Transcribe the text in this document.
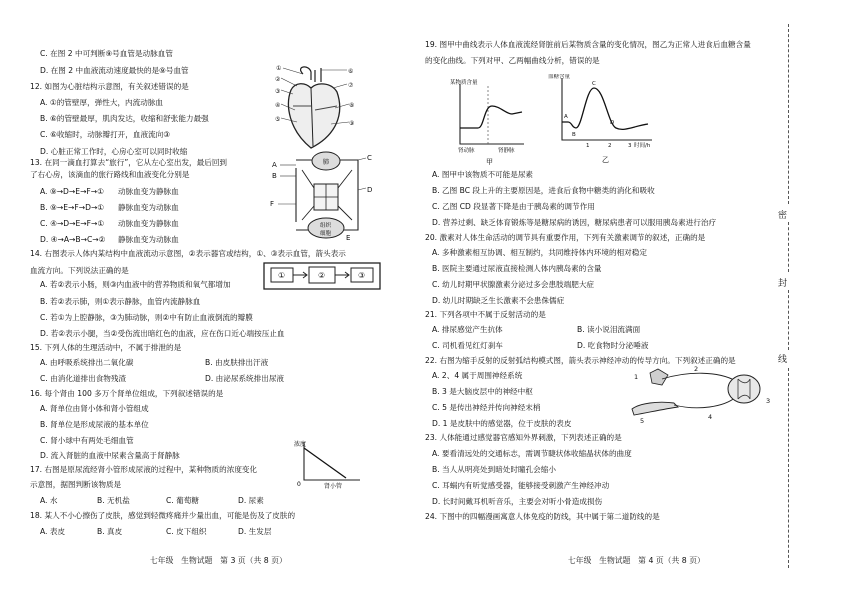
C. 在图 2 中可判断⑨号血管是动脉血管
D. 在图 2 中血液流动速度最快的是⑨号血管
12. 如图为心脏结构示意图，有关叙述错误的是
A. ①的管壁厚，弹性大，内流动脉血
B. ⑥的管壁最厚，肌肉发达，收缩和舒张能力最强
C. ⑥收缩时，动脉瓣打开，血液流向③
D. 心脏正常工作时，心房心室可以同时收缩
13. 在同一滴血打算去“旅行”，它从左心室出发，最后回到
了右心房，该滴血的旅行路线和血液变化分别是
A. ⑨→D→E→F→① 动脉血变为静脉血
B. ⑨→E→F→D→① 静脉血变为动脉血
C. ④→D→E→F→① 动脉血变为静脉血
D. ④→A→B→C→② 静脉血变为动脉血
14. 右图表示人体内某结构中血液流动示意图，②表示器官或结构，①、③表示血管，箭头表示
血流方向。下列说法正确的是
A. 若②表示小肠，则③内血液中的营养物质和氧气都增加
B. 若②表示肺，则①表示静脉，血管内流静脉血
C. 若①为上腔静脉，③为肺动脉，则②中有防止血液倒流的瓣膜
D. 若②表示小腿，当②受伤流出暗红色的血液，应在伤口近心端按压止血
15. 下列人体的生理活动中，不属于排泄的是
A. 由呼吸系统排出二氧化碳	B. 由皮肤排出汗液
C. 由消化道排出食物残渣	D. 由泌尿系统排出尿液
16. 每个肾由 100 多万个肾单位组成，下列叙述错误的是
A. 肾单位由肾小体和肾小管组成
B. 肾单位是形成尿液的基本单位
C. 肾小球中有两处毛细血管
D. 流入肾脏的血液中尿素含量高于肾静脉
17. 右图是原尿流经肾小管形成尿液的过程中，某种物质的浓度变化
示意图，据图判断该物质是
A. 水	B. 无机盐	C. 葡萄糖	D. 尿素
18. 某人不小心擦伤了皮肤，感觉到轻微疼痛并少量出血，可能是伤及了皮肤的
A. 表皮	B. 真皮	C. 皮下组织	D. 生发层
19. 图甲中曲线表示人体血液流经肾脏前后某物质含量的变化情况，图乙为正常人进食后血糖含量
的变化曲线。下列对甲、乙两幅曲线分析，错误的是
A. 图甲中该物质不可能是尿素
B. 乙图 BC 段上升的主要原因是，进食后食物中糖类的消化和吸收
C. 乙图 CD 段显著下降是由于胰岛素的调节作用
D. 营养过剩、缺乏体育锻炼等是糖尿病的诱因，糖尿病患者可以服用胰岛素进行治疗
20. 激素对人体生命活动的调节具有重要作用，下列有关激素调节的叙述，正确的是
A. 多种激素相互协调、相互制约，共同维持体内环境的相对稳定
B. 医院主要通过尿液直接检测人体内胰岛素的含量
C. 幼儿时期甲状腺激素分泌过多会患肢端肥大症
D. 幼儿时期缺乏生长激素不会患侏儒症
21. 下列各项中不属于反射活动的是
A. 排尿感觉产生抗体	B. 读小说泪流满面
C. 司机看见红灯刹车	D. 吃食物时分泌唾液
22. 右图为缩手反射的反射弧结构模式图，箭头表示神经冲动的传导方向。下列叙述正确的是
A. 2、4 属于周围神经系统
B. 3 是大脑皮层中的神经中枢
C. 5 是传出神经并传向神经末梢
D. 1 是皮肤中的感觉器，位于皮肤的表皮
23. 人体能通过感觉器官感知外界刺激，下列表述正确的是
A. 要看清远处的交通标志，需调节睫状体收缩晶状体的曲度
B. 当人从明亮处到暗处时瞳孔会缩小
C. 耳蜗内有听觉感受器，能够接受刺激产生神经冲动
D. 长时间戴耳机听音乐，主要会对听小骨造成损伤
24. 下图中的四幅漫画寓意人体免疫的防线，其中属于第二道防线的是
①
②
③
④
⑤
⑥
⑦
⑧
⑨
A
B
C
D
E
F
肺
组织
细胞
①	②	③
浓度
0	肾小管
某物质含量
肾动脉	肾静脉
甲
血糖含量
A
B
C
D
1	2	3 时间/h
乙
1
2
3
4
5
七年级　生物试题　第 3 页（共 8 页）	七年级　生物试题　第 4 页（共 8 页）
密
封
线
